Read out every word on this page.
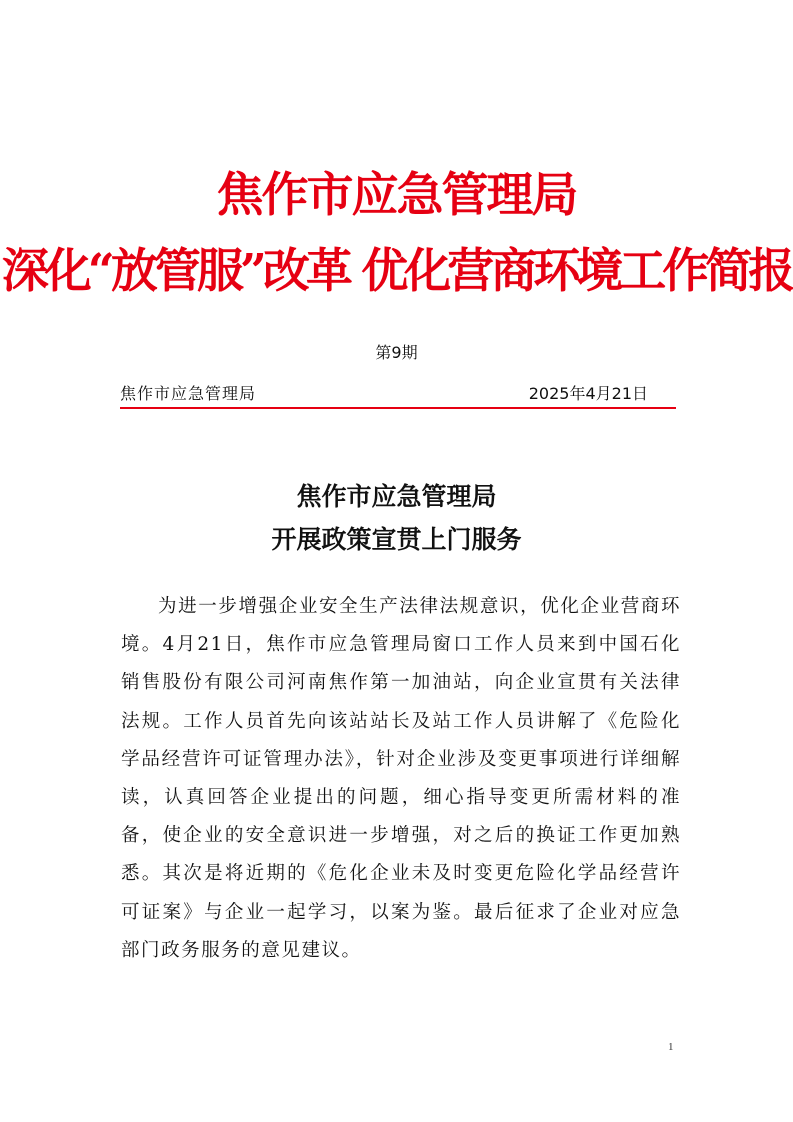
焦作市应急管理局
深化“放管服”改革 优化营商环境工作简报
第9期
焦作市应急管理局	2025年4月21日
焦作市应急管理局
开展政策宣贯上门服务

为进一步增强企业安全生产法律法规意识，优化企业营商环境。4月21日，焦作市应急管理局窗口工作人员来到中国石化销售股份有限公司河南焦作第一加油站，向企业宣贯有关法律法规。工作人员首先向该站站长及站工作人员讲解了《危险化学品经营许可证管理办法》，针对企业涉及变更事项进行详细解读，认真回答企业提出的问题，细心指导变更所需材料的准备，使企业的安全意识进一步增强，对之后的换证工作更加熟悉。其次是将近期的《危化企业未及时变更危险化学品经营许可证案》与企业一起学习，以案为鉴。最后征求了企业对应急部门政务服务的意见建议。

1
